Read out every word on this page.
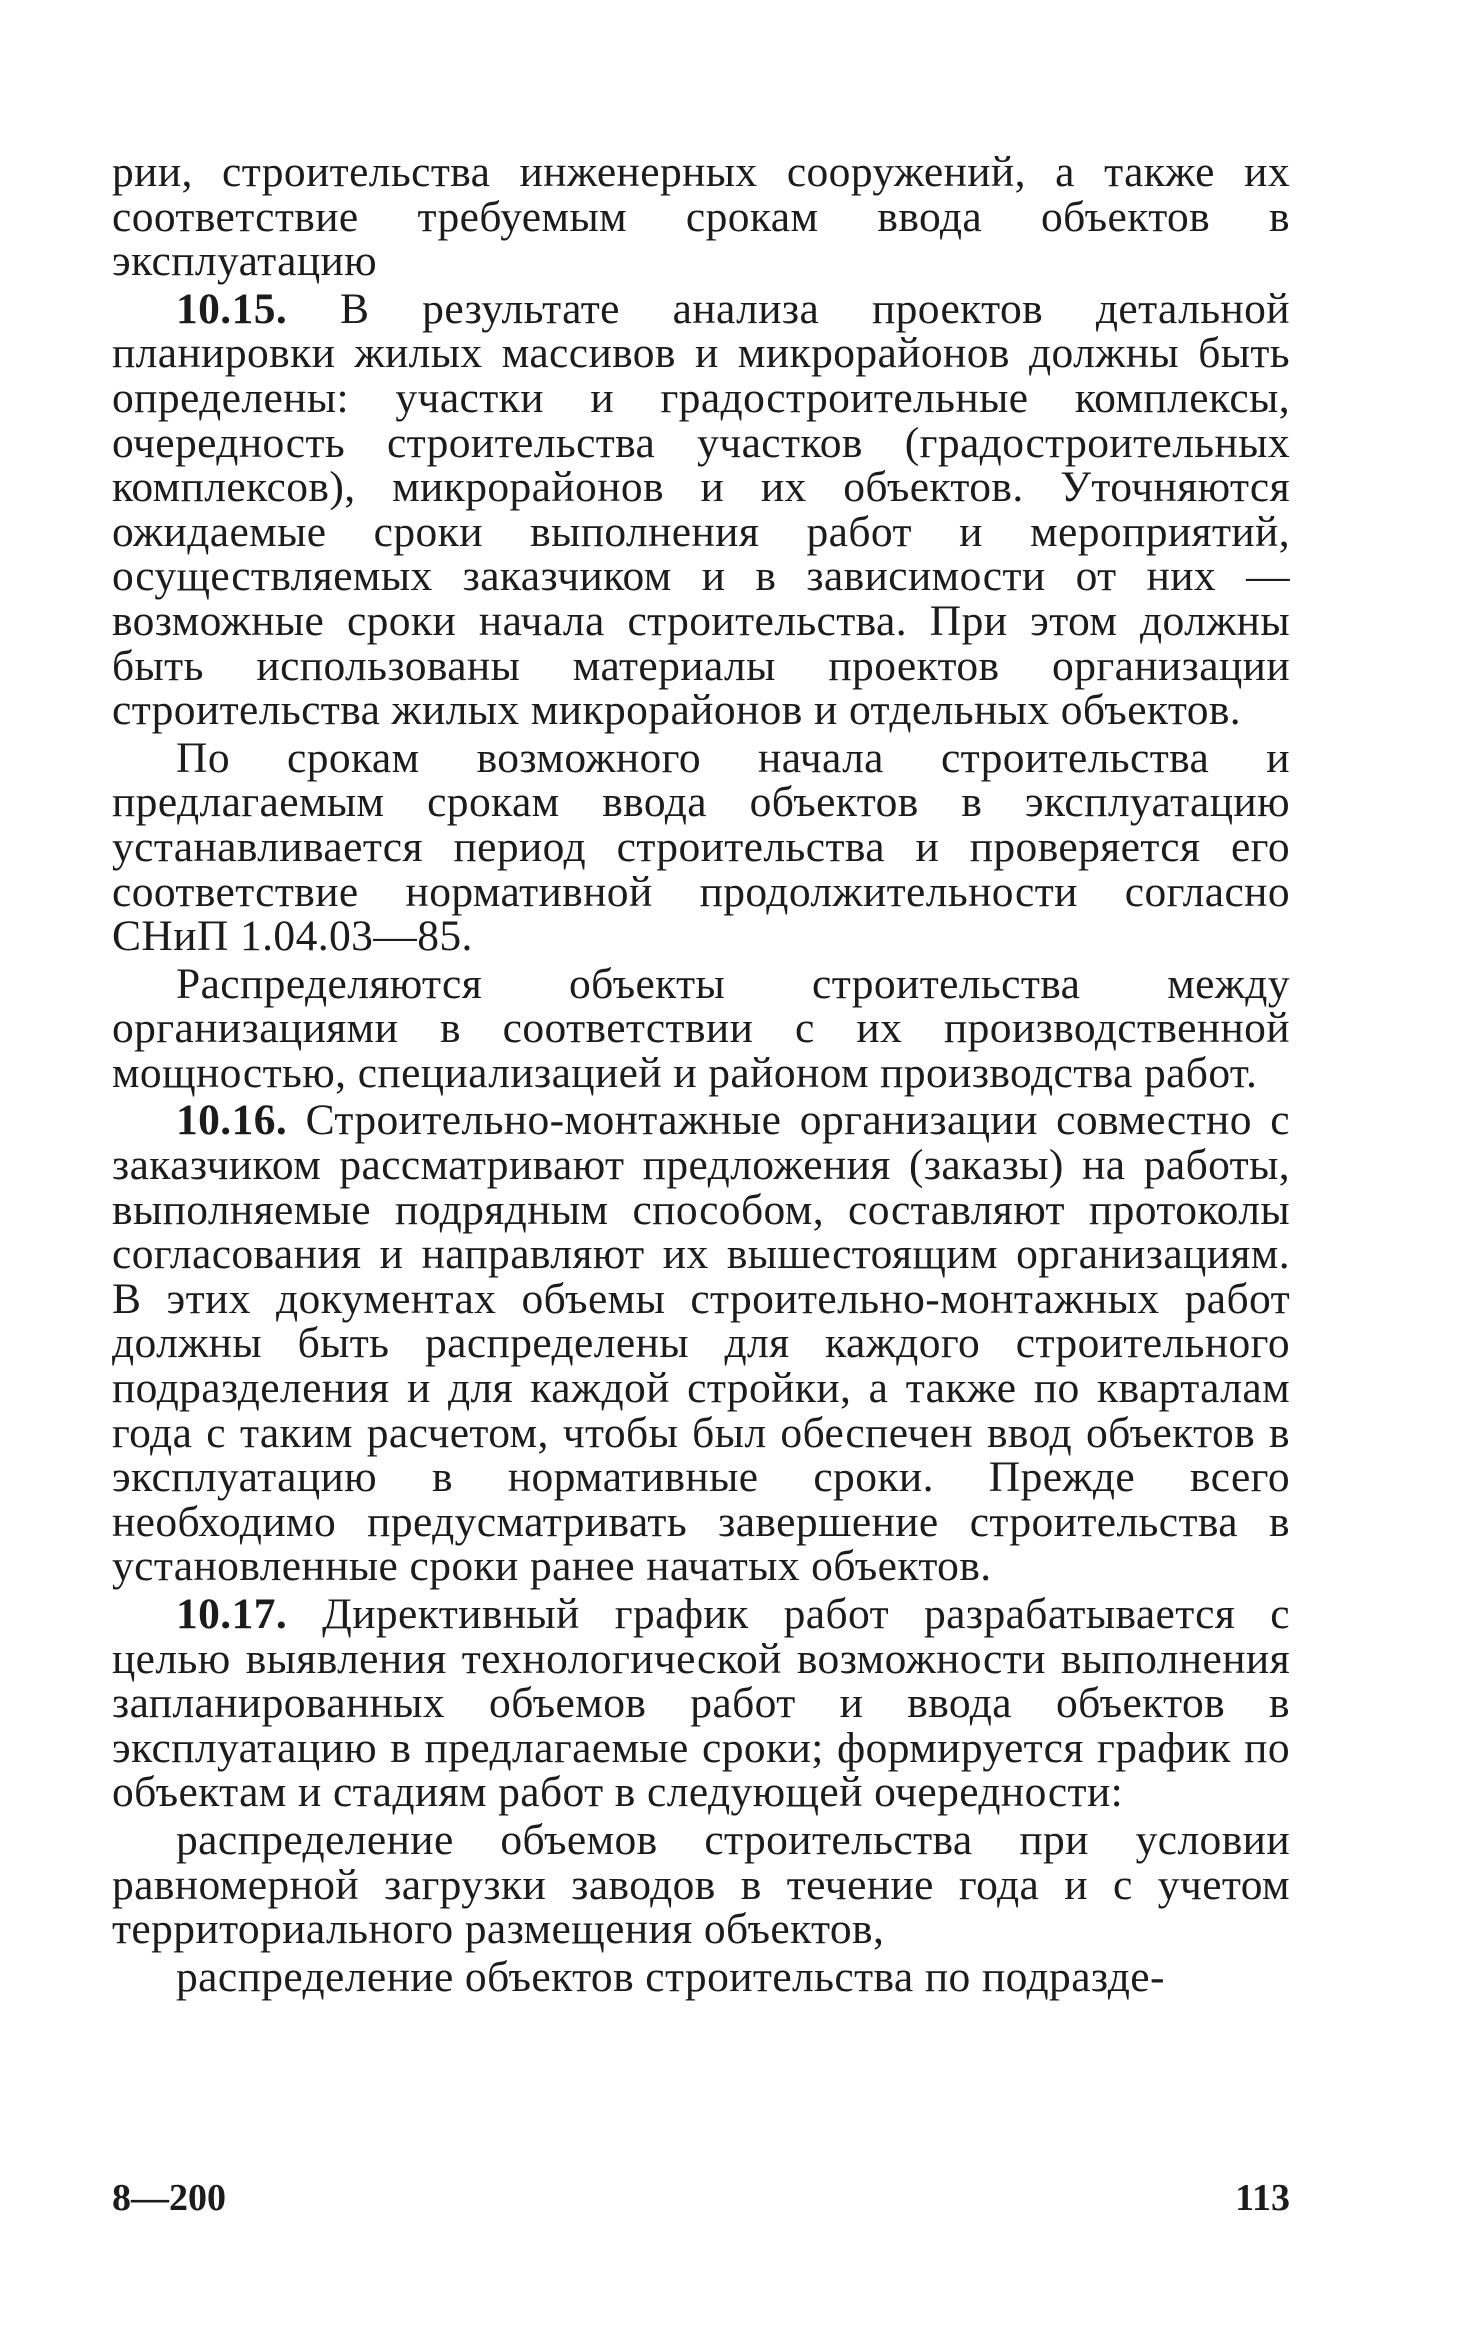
рии, строительства инженерных сооружений, а также их соответствие требуемым срокам ввода объектов в эксплуатацию

10.15. В результате анализа проектов детальной планировки жилых массивов и микрорайонов должны быть определены: участки и градостроительные комплексы, очередность строительства участков (градостроительных комплексов), микрорайонов и их объектов. Уточняются ожидаемые сроки выполнения работ и мероприятий, осуществляемых заказчиком и в зависимости от них — возможные сроки начала строительства. При этом должны быть использованы материалы проектов организации строительства жилых микрорайонов и отдельных объектов.

По срокам возможного начала строительства и предлагаемым срокам ввода объектов в эксплуатацию устанавливается период строительства и проверяется его соответствие нормативной продолжительности согласно СНиП 1.04.03—85.

Распределяются объекты строительства между организациями в соответствии с их производственной мощностью, специализацией и районом производства работ.

10.16. Строительно-монтажные организации совместно с заказчиком рассматривают предложения (заказы) на работы, выполняемые подрядным способом, составляют протоколы согласования и направляют их вышестоящим организациям. В этих документах объемы строительно-монтажных работ должны быть распределены для каждого строительного подразделения и для каждой стройки, а также по кварталам года с таким расчетом, чтобы был обеспечен ввод объектов в эксплуатацию в нормативные сроки. Прежде всего необходимо предусматривать завершение строительства в установленные сроки ранее начатых объектов.

10.17. Директивный график работ разрабатывается с целью выявления технологической возможности выполнения запланированных объемов работ и ввода объектов в эксплуатацию в предлагаемые сроки; формируется график по объектам и стадиям работ в следующей очередности:

распределение объемов строительства при условии равномерной загрузки заводов в течение года и с учетом территориального размещения объектов,

распределение объектов строительства по подразде-

8—200	113
